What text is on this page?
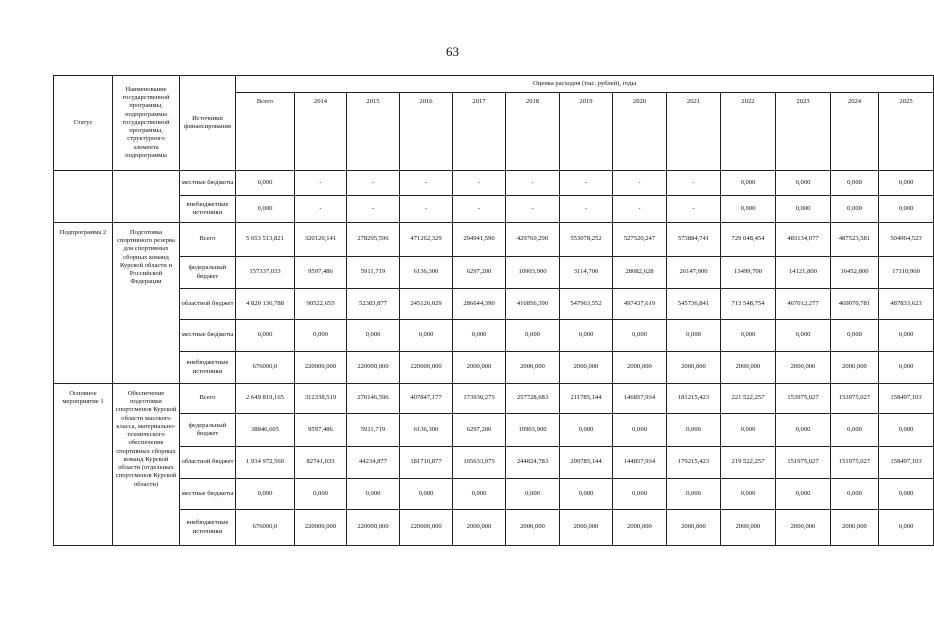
63
Статус	Наименование государственной программы, подпрограммы государственной программы, структурного элемента подпрограммы	Источники финансирования	Оценка расходов (тыс. рублей), годы												
			Всего	2014	2015	2016	2017	2018	2019	2020	2021	2022	2023	2024	2025
		местные бюджеты	0,000	-	-	-	-	-	-	-	-	0,000	0,000	0,000	0,000
		внебюджетные источники	0,000	-	-	-	-	-	-	-	-	0,000	0,000	0,000	0,000
Подпрограмма 2	Подготовка спортивного резерва для спортивных сборных команд Курской области и Российской Федерации	Всего	5 653 513,821	320120,141	278295,596	471262,329	294941,590	429760,290	553078,252	527520,247	573884,741	729 048,454	483134,077	487523,581	504964,523
		федеральный бюджет	157337,033	9597,486	5911,719	6136,300	6297,200	10903,900	3114,700	28082,628	26147,900	13499,700	14121,800	16452,800	17110,900
		областной бюджет	4 820 136,788	90522,655	52383,877	245126,029	286644,390	416856,390	547963,552	497437,619	545736,841	713 548,754	467012,277	469070,781	487833,623
		местные бюджеты	0,000	0,000	0,000	0,000	0,000	0,000	0,000	0,000	0,000	0,000	0,000	0,000	0,000
		внебюджетные источники	676000,0	220000,000	220000,000	220000,000	2000,000	2000,000	2000,000	2000,000	2000,000	2000,000	2000,000	2000,000	0,000
Основное мероприятие 1	Обеспечение подготовки спортсменов Курской области высокого класса, материально-технического обеспечение спортивных сборных команд Курской области (отдельных спортсменов Курской области)	Всего	2 649 819,165	312338,519	270146,596	407847,177	173930,275	257728,683	211785,144	146857,934	181215,423	221 522,257	153975,027	153975,027	158497,103
		федеральный бюджет	38846,605	9597,486	5911,719	6136,300	6297,200	10903,900	0,000	0,000	0,000	0,000	0,000	0,000	0,000
		областной бюджет	1 934 972,560	82741,033	44234,877	181710,877	165633,075	244824,783	209785,144	144857,934	179215,423	219 522,257	151975,027	151975,027	158497,103
		местные бюджеты	0,000	0,000	0,000	0,000	0,000	0,000	0,000	0,000	0,000	0,000	0,000	0,000	0,000
		внебюджетные источники	676000,0	220000,000	220000,000	220000,000	2000,000	2000,000	2000,000	2000,000	2000,000	2000,000	2000,000	2000,000	0,000
